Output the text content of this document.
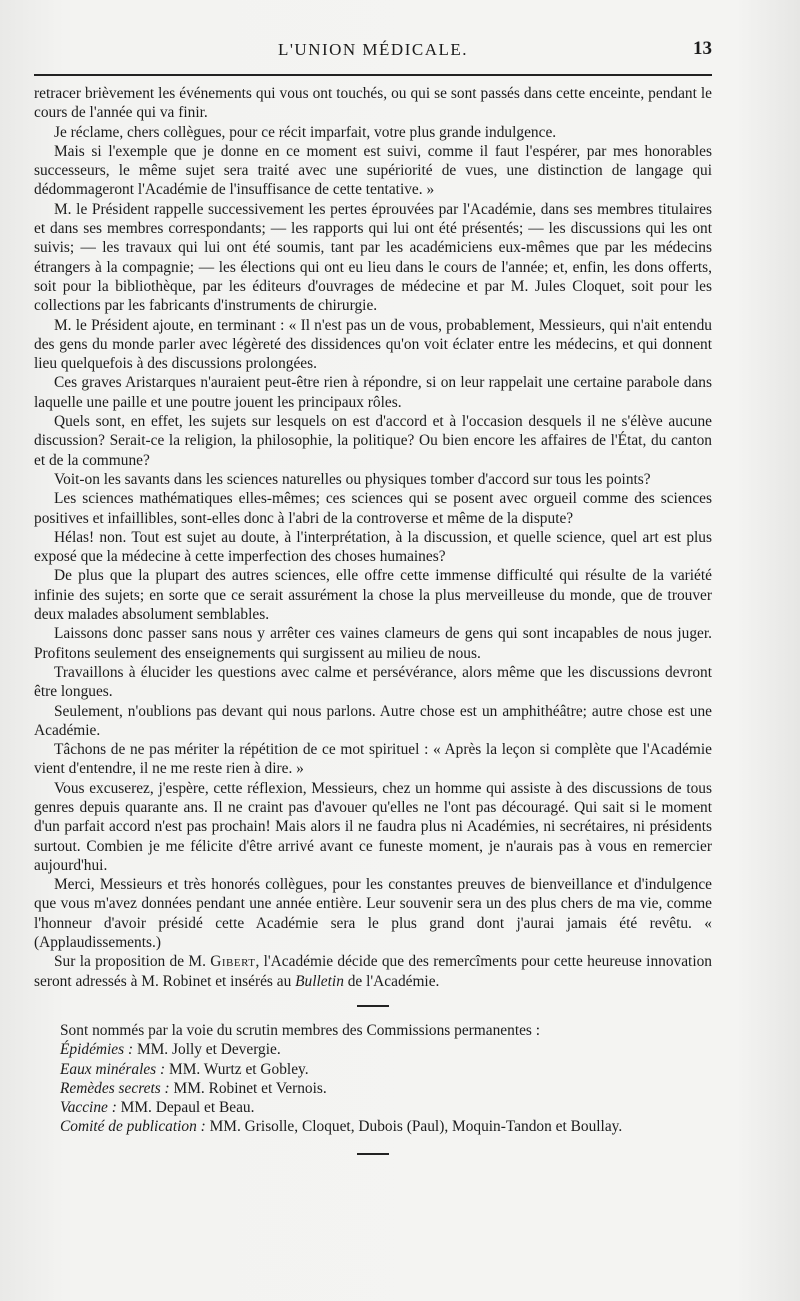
L'UNION MÉDICALE.	13

retracer brièvement les événements qui vous ont touchés, ou qui se sont passés dans cette enceinte, pendant le cours de l'année qui va finir.

Je réclame, chers collègues, pour ce récit imparfait, votre plus grande indulgence.

Mais si l'exemple que je donne en ce moment est suivi, comme il faut l'espérer, par mes honorables successeurs, le même sujet sera traité avec une supériorité de vues, une distinction de langage qui dédommageront l'Académie de l'insuffisance de cette tentative. »

M. le Président rappelle successivement les pertes éprouvées par l'Académie, dans ses membres titulaires et dans ses membres correspondants; — les rapports qui lui ont été présentés; — les discussions qui les ont suivis; — les travaux qui lui ont été soumis, tant par les académiciens eux-mêmes que par les médecins étrangers à la compagnie; — les élections qui ont eu lieu dans le cours de l'année; et, enfin, les dons offerts, soit pour la bibliothèque, par les éditeurs d'ouvrages de médecine et par M. Jules Cloquet, soit pour les collections par les fabricants d'instruments de chirurgie.

M. le Président ajoute, en terminant : « Il n'est pas un de vous, probablement, Messieurs, qui n'ait entendu des gens du monde parler avec légèreté des dissidences qu'on voit éclater entre les médecins, et qui donnent lieu quelquefois à des discussions prolongées.

Ces graves Aristarques n'auraient peut-être rien à répondre, si on leur rappelait une certaine parabole dans laquelle une paille et une poutre jouent les principaux rôles.

Quels sont, en effet, les sujets sur lesquels on est d'accord et à l'occasion desquels il ne s'élève aucune discussion? Serait-ce la religion, la philosophie, la politique? Ou bien encore les affaires de l'État, du canton et de la commune?

Voit-on les savants dans les sciences naturelles ou physiques tomber d'accord sur tous les points?

Les sciences mathématiques elles-mêmes; ces sciences qui se posent avec orgueil comme des sciences positives et infaillibles, sont-elles donc à l'abri de la controverse et même de la dispute?

Hélas! non. Tout est sujet au doute, à l'interprétation, à la discussion, et quelle science, quel art est plus exposé que la médecine à cette imperfection des choses humaines?

De plus que la plupart des autres sciences, elle offre cette immense difficulté qui résulte de la variété infinie des sujets; en sorte que ce serait assurément la chose la plus merveilleuse du monde, que de trouver deux malades absolument semblables.

Laissons donc passer sans nous y arrêter ces vaines clameurs de gens qui sont incapables de nous juger. Profitons seulement des enseignements qui surgissent au milieu de nous.

Travaillons à élucider les questions avec calme et persévérance, alors même que les discussions devront être longues.

Seulement, n'oublions pas devant qui nous parlons. Autre chose est un amphithéâtre; autre chose est une Académie.

Tâchons de ne pas mériter la répétition de ce mot spirituel : « Après la leçon si complète que l'Académie vient d'entendre, il ne me reste rien à dire. »

Vous excuserez, j'espère, cette réflexion, Messieurs, chez un homme qui assiste à des discussions de tous genres depuis quarante ans. Il ne craint pas d'avouer qu'elles ne l'ont pas découragé. Qui sait si le moment d'un parfait accord n'est pas prochain! Mais alors il ne faudra plus ni Académies, ni secrétaires, ni présidents surtout. Combien je me félicite d'être arrivé avant ce funeste moment, je n'aurais pas à vous en remercier aujourd'hui.

Merci, Messieurs et très honorés collègues, pour les constantes preuves de bienveillance et d'indulgence que vous m'avez données pendant une année entière. Leur souvenir sera un des plus chers de ma vie, comme l'honneur d'avoir présidé cette Académie sera le plus grand dont j'aurai jamais été revêtu. « (Applaudissements.)

Sur la proposition de M. Gibert, l'Académie décide que des remercîments pour cette heureuse innovation seront adressés à M. Robinet et insérés au Bulletin de l'Académie.

Sont nommés par la voie du scrutin membres des Commissions permanentes :

Épidémies : MM. Jolly et Devergie.

Eaux minérales : MM. Wurtz et Gobley.

Remèdes secrets : MM. Robinet et Vernois.

Vaccine : MM. Depaul et Beau.

Comité de publication : MM. Grisolle, Cloquet, Dubois (Paul), Moquin-Tandon et Boullay.
